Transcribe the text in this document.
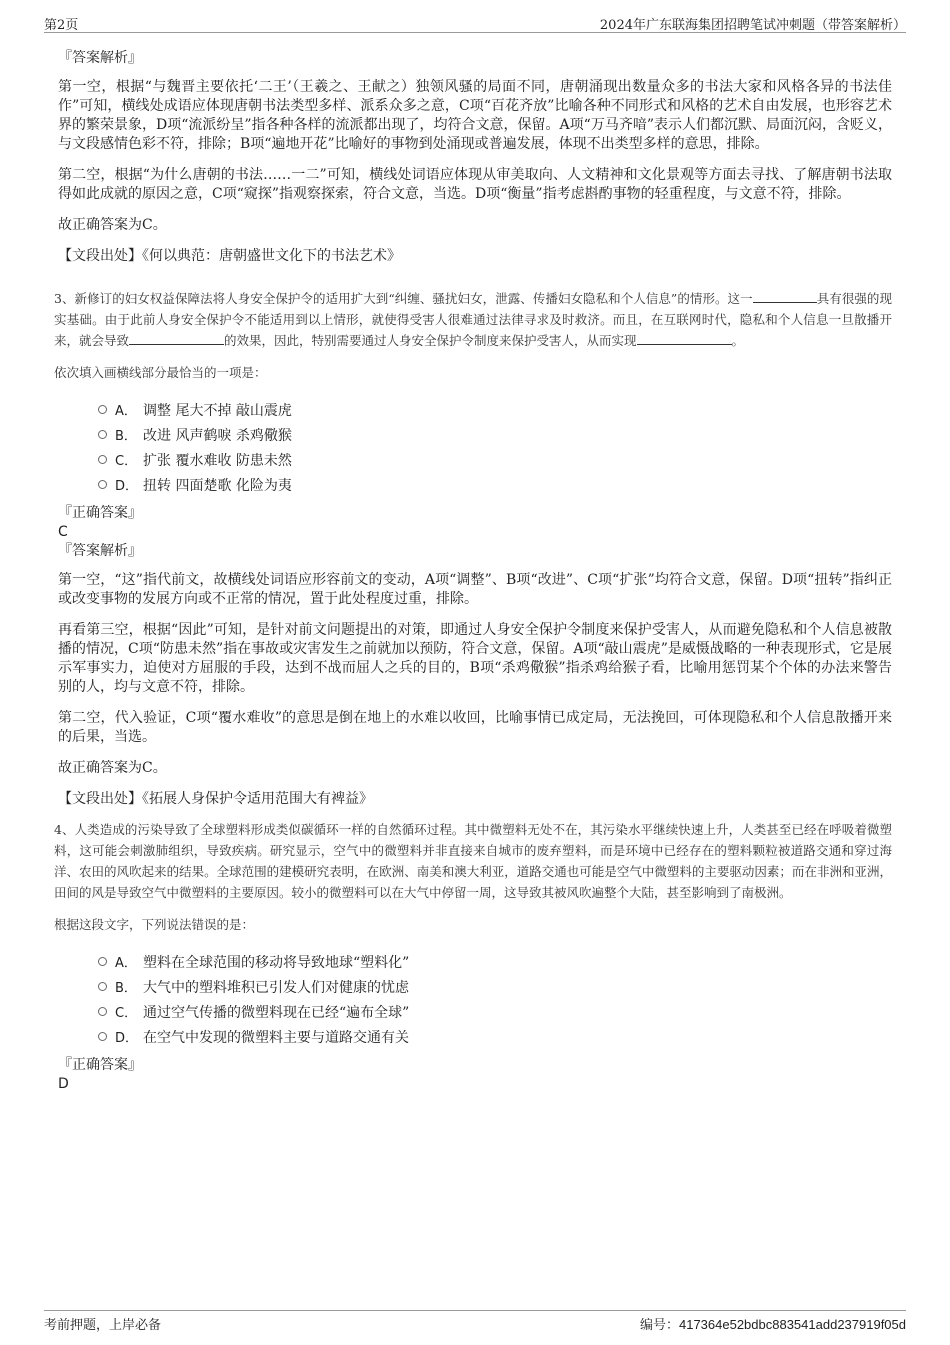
第2页	2024年广东联海集团招聘笔试冲刺题（带答案解析）
『答案解析』

第一空，根据“与魏晋主要依托‘二王’（王羲之、王献之）独领风骚的局面不同，唐朝涌现出数量众多的书法大家和风格各异的书法佳作”可知，横线处成语应体现唐朝书法类型多样、派系众多之意，C项“百花齐放”比喻各种不同形式和风格的艺术自由发展，也形容艺术界的繁荣景象，D项“流派纷呈”指各种各样的流派都出现了，均符合文意，保留。A项“万马齐喑”表示人们都沉默、局面沉闷，含贬义，与文段感情色彩不符，排除；B项“遍地开花”比喻好的事物到处涌现或普遍发展，体现不出类型多样的意思，排除。

第二空，根据“为什么唐朝的书法……一二”可知，横线处词语应体现从审美取向、人文精神和文化景观等方面去寻找、了解唐朝书法取得如此成就的原因之意，C项“窥探”指观察探索，符合文意，当选。D项“衡量”指考虑斟酌事物的轻重程度，与文意不符，排除。

故正确答案为C。

【文段出处】《何以典范：唐朝盛世文化下的书法艺术》

3、新修订的妇女权益保障法将人身安全保护令的适用扩大到“纠缠、骚扰妇女，泄露、传播妇女隐私和个人信息”的情形。这一	具有很强的现实基础。由于此前人身安全保护令不能适用到以上情形，就使得受害人很难通过法律寻求及时救济。而且，在互联网时代，隐私和个人信息一旦散播开来，就会导致	的效果，因此，特别需要通过人身安全保护令制度来保护受害人，从而实现	。

依次填入画横线部分最恰当的一项是：

A． 调整 尾大不掉 敲山震虎
B． 改进 风声鹤唳 杀鸡儆猴
C． 扩张 覆水难收 防患未然
D． 扭转 四面楚歌 化险为夷
『正确答案』
C
『答案解析』

第一空，“这”指代前文，故横线处词语应形容前文的变动，A项“调整”、B项“改进”、C项“扩张”均符合文意，保留。D项“扭转”指纠正或改变事物的发展方向或不正常的情况，置于此处程度过重，排除。

再看第三空，根据“因此”可知，是针对前文问题提出的对策，即通过人身安全保护令制度来保护受害人，从而避免隐私和个人信息被散播的情况，C项“防患未然”指在事故或灾害发生之前就加以预防，符合文意，保留。A项“敲山震虎”是威慑战略的一种表现形式，它是展示军事实力，迫使对方屈服的手段，达到不战而屈人之兵的目的，B项“杀鸡儆猴”指杀鸡给猴子看，比喻用惩罚某个个体的办法来警告别的人，均与文意不符，排除。

第二空，代入验证，C项“覆水难收”的意思是倒在地上的水难以收回，比喻事情已成定局，无法挽回，可体现隐私和个人信息散播开来的后果，当选。

故正确答案为C。

【文段出处】《拓展人身保护令适用范围大有裨益》

4、人类造成的污染导致了全球塑料形成类似碳循环一样的自然循环过程。其中微塑料无处不在，其污染水平继续快速上升，人类甚至已经在呼吸着微塑料，这可能会刺激肺组织，导致疾病。研究显示，空气中的微塑料并非直接来自城市的废弃塑料，而是环境中已经存在的塑料颗粒被道路交通和穿过海洋、农田的风吹起来的结果。全球范围的建模研究表明，在欧洲、南美和澳大利亚，道路交通也可能是空气中微塑料的主要驱动因素；而在非洲和亚洲，田间的风是导致空气中微塑料的主要原因。较小的微塑料可以在大气中停留一周，这导致其被风吹遍整个大陆，甚至影响到了南极洲。

根据这段文字，下列说法错误的是：

A． 塑料在全球范围的移动将导致地球“塑料化”
B． 大气中的塑料堆积已引发人们对健康的忧虑
C． 通过空气传播的微塑料现在已经“遍布全球”
D． 在空气中发现的微塑料主要与道路交通有关
『正确答案』
D
考前押题，上岸必备	编号：417364e52bdbc883541add237919f05d
